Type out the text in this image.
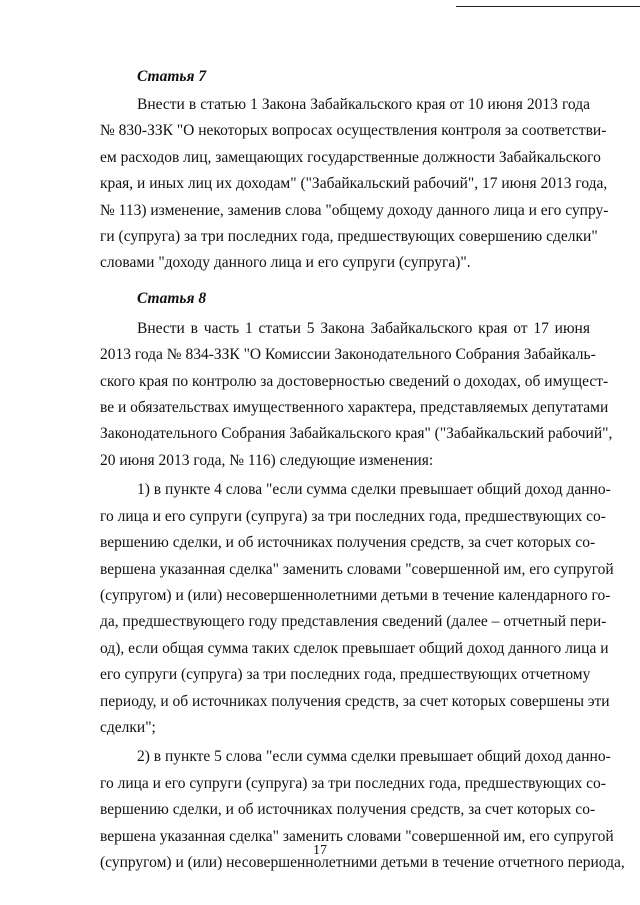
Статья 7

Внести в статью 1 Закона Забайкальского края от 10 июня 2013 года
№ 830-ЗЗК "О некоторых вопросах осуществления контроля за соответстви-
ем расходов лиц, замещающих государственные должности Забайкальского
края, и иных лиц их доходам" ("Забайкальский рабочий", 17 июня 2013 года,
№ 113) изменение, заменив слова "общему доходу данного лица и его супру-
ги (супруга) за три последних года, предшествующих совершению сделки"
словами "доходу данного лица и его супруги (супруга)".

Статья 8

Внести в часть 1 статьи 5 Закона Забайкальского края от 17 июня
2013 года № 834-ЗЗК "О Комиссии Законодательного Собрания Забайкаль-
ского края по контролю за достоверностью сведений о доходах, об имущест-
ве и обязательствах имущественного характера, представляемых депутатами
Законодательного Собрания Забайкальского края" ("Забайкальский рабочий",
20 июня 2013 года, № 116) следующие изменения:

1) в пункте 4 слова "если сумма сделки превышает общий доход данно-
го лица и его супруги (супруга) за три последних года, предшествующих со-
вершению сделки, и об источниках получения средств, за счет которых со-
вершена указанная сделка" заменить словами "совершенной им, его супругой
(супругом) и (или) несовершеннолетними детьми в течение календарного го-
да, предшествующего году представления сведений (далее – отчетный пери-
од), если общая сумма таких сделок превышает общий доход данного лица и
его супруги (супруга) за три последних года, предшествующих отчетному
периоду, и об источниках получения средств, за счет которых совершены эти
сделки";

2) в пункте 5 слова "если сумма сделки превышает общий доход данно-
го лица и его супруги (супруга) за три последних года, предшествующих со-
вершению сделки, и об источниках получения средств, за счет которых со-
вершена указанная сделка" заменить словами "совершенной им, его супругой
(супругом) и (или) несовершеннолетними детьми в течение отчетного периода,

17
